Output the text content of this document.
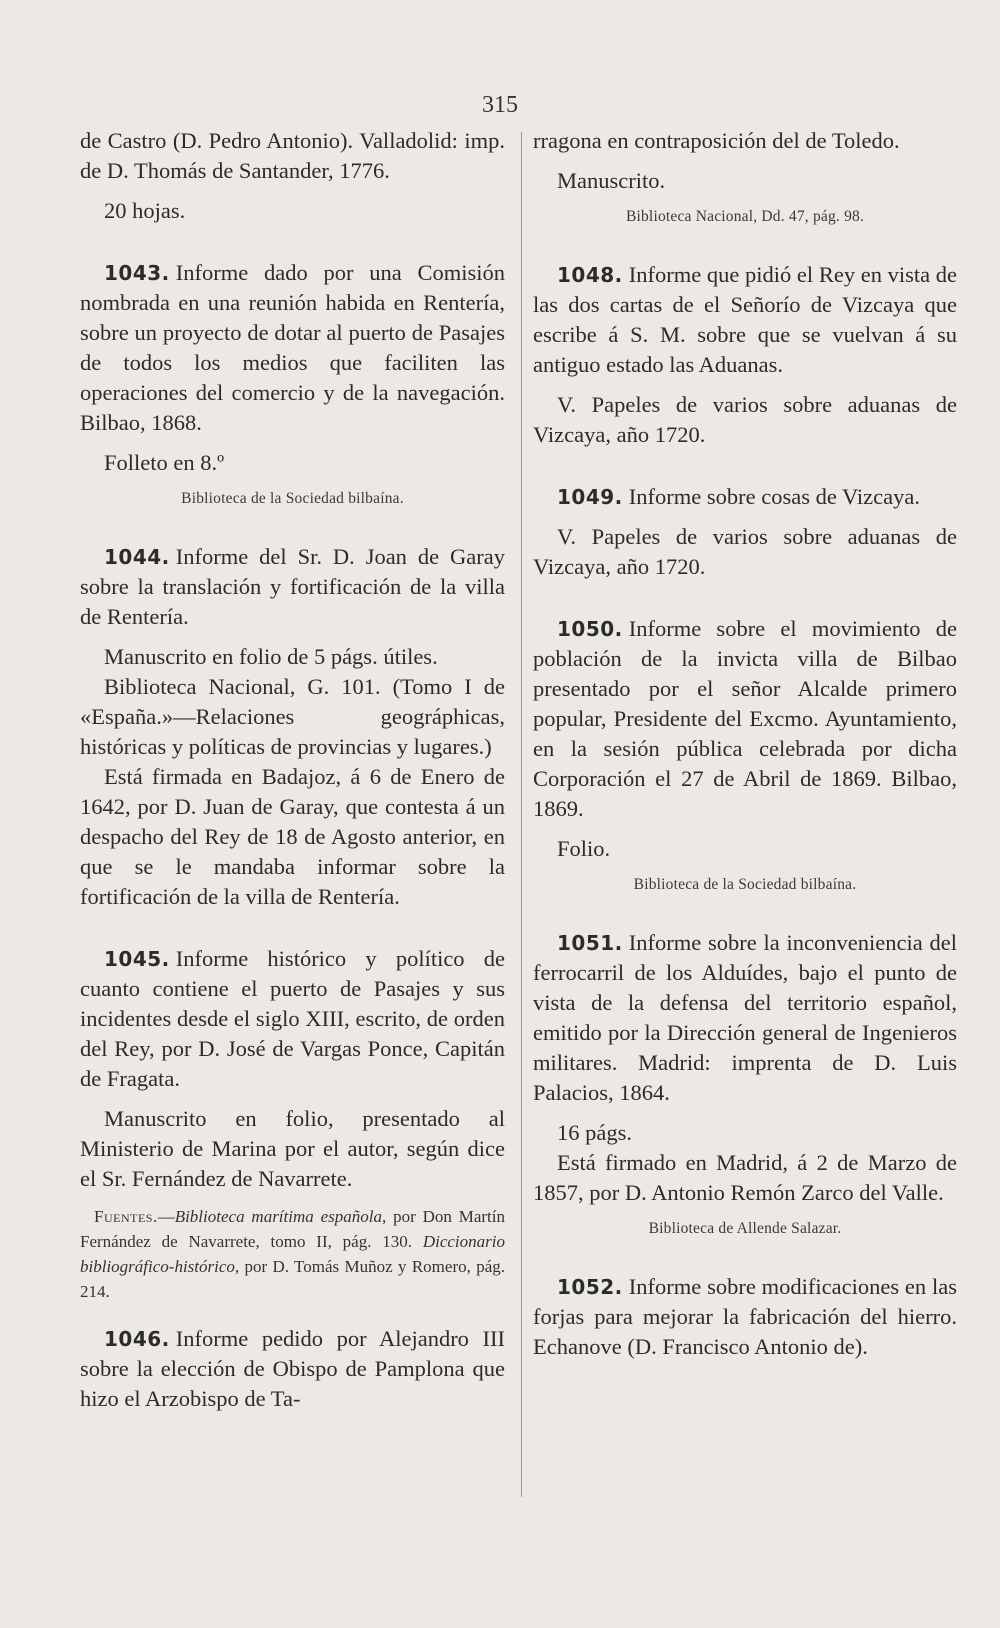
315

de Castro (D. Pedro Antonio). Valladolid: imp. de D. Thomás de Santander, 1776.

20 hojas.

1043. Informe dado por una Comisión nombrada en una reunión habida en Rentería, sobre un proyecto de dotar al puerto de Pasajes de todos los medios que faciliten las operaciones del comercio y de la navegación. Bilbao, 1868.

Folleto en 8.º

Biblioteca de la Sociedad bilbaína.

1044. Informe del Sr. D. Joan de Garay sobre la translación y fortificación de la villa de Rentería.

Manuscrito en folio de 5 págs. útiles.

Biblioteca Nacional, G. 101. (Tomo I de «España.»—Relaciones geográphicas, históricas y políticas de provincias y lugares.)

Está firmada en Badajoz, á 6 de Enero de 1642, por D. Juan de Garay, que contesta á un despacho del Rey de 18 de Agosto anterior, en que se le mandaba informar sobre la fortificación de la villa de Rentería.

1045. Informe histórico y político de cuanto contiene el puerto de Pasajes y sus incidentes desde el siglo XIII, escrito, de orden del Rey, por D. José de Vargas Ponce, Capitán de Fragata.

Manuscrito en folio, presentado al Ministerio de Marina por el autor, según dice el Sr. Fernández de Navarrete.

Fuentes.—Biblioteca marítima española, por Don Martín Fernández de Navarrete, tomo II, pág. 130. Diccionario bibliográfico-histórico, por D. Tomás Muñoz y Romero, pág. 214.

1046. Informe pedido por Alejandro III sobre la elección de Obispo de Pamplona que hizo el Arzobispo de Ta-

rragona en contraposición del de Toledo.

Manuscrito.

Biblioteca Nacional, Dd. 47, pág. 98.

1048. Informe que pidió el Rey en vista de las dos cartas de el Señorío de Vizcaya que escribe á S. M. sobre que se vuelvan á su antiguo estado las Aduanas.

V. Papeles de varios sobre aduanas de Vizcaya, año 1720.

1049. Informe sobre cosas de Vizcaya.

V. Papeles de varios sobre aduanas de Vizcaya, año 1720.

1050. Informe sobre el movimiento de población de la invicta villa de Bilbao presentado por el señor Alcalde primero popular, Presidente del Excmo. Ayuntamiento, en la sesión pública celebrada por dicha Corporación el 27 de Abril de 1869. Bilbao, 1869.

Folio.

Biblioteca de la Sociedad bilbaína.

1051. Informe sobre la inconveniencia del ferrocarril de los Alduídes, bajo el punto de vista de la defensa del territorio español, emitido por la Dirección general de Ingenieros militares. Madrid: imprenta de D. Luis Palacios, 1864.

16 págs.

Está firmado en Madrid, á 2 de Marzo de 1857, por D. Antonio Remón Zarco del Valle.

Biblioteca de Allende Salazar.

1052. Informe sobre modificaciones en las forjas para mejorar la fabricación del hierro. Echanove (D. Francisco Antonio de).
